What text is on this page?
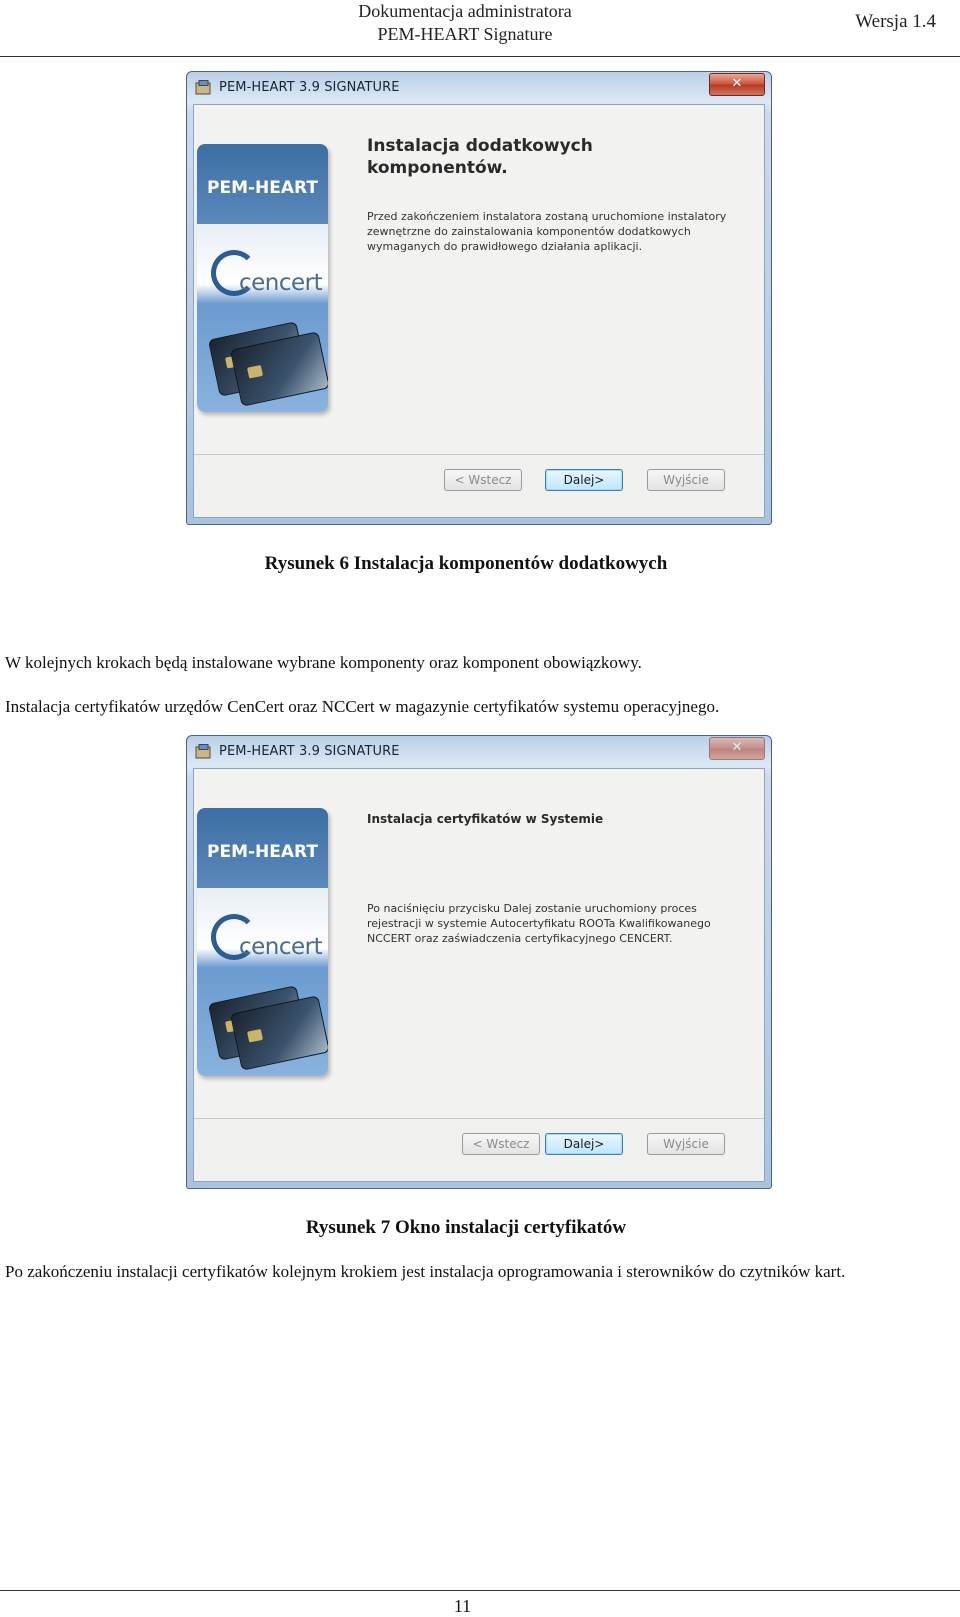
Dokumentacja administratora
PEM-HEART Signature
Wersja 1.4
PEM-HEART 3.9 SIGNATURE	✕
PEM-HEART
cencert
Instalacja dodatkowych komponentów.

Przed zakończeniem instalatora zostaną uruchomione instalatory zewnętrzne do zainstalowania komponentów dodatkowych wymaganych do prawidłowego działania aplikacji.

< Wstecz	Dalej>	Wyjście
Rysunek 6 Instalacja komponentów dodatkowych

W kolejnych krokach będą instalowane wybrane komponenty oraz komponent obowiązkowy.

Instalacja certyfikatów urzędów CenCert oraz NCCert w magazynie certyfikatów systemu operacyjnego.

PEM-HEART 3.9 SIGNATURE	✕
PEM-HEART
cencert
Instalacja certyfikatów w Systemie

Po naciśnięciu przycisku Dalej zostanie uruchomiony proces rejestracji w systemie Autocertyfikatu ROOTa Kwalifikowanego NCCERT oraz zaświadczenia certyfikacyjnego CENCERT.

< Wstecz	Dalej>	Wyjście
Rysunek 7 Okno instalacji certyfikatów

Po zakończeniu instalacji certyfikatów kolejnym krokiem jest instalacja oprogramowania i sterowników do czytników kart.

11
